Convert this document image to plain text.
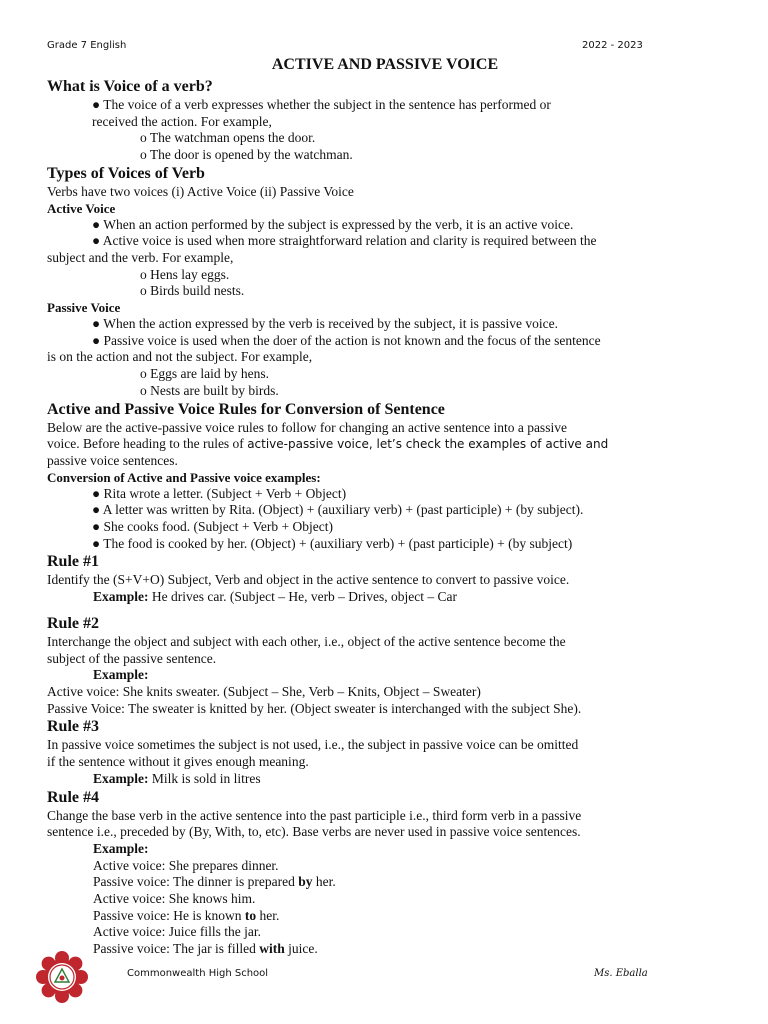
Grade 7 English	2022 - 2023
ACTIVE AND PASSIVE VOICE
What is Voice of a verb?
● The voice of a verb expresses whether the subject in the sentence has performed or
received the action. For example,
o The watchman opens the door.
o The door is opened by the watchman.
Types of Voices of Verb
Verbs have two voices (i) Active Voice (ii) Passive Voice
Active Voice
● When an action performed by the subject is expressed by the verb, it is an active voice.
● Active voice is used when more straightforward relation and clarity is required between the
subject and the verb. For example,
o Hens lay eggs.
o Birds build nests.
Passive Voice
● When the action expressed by the verb is received by the subject, it is passive voice.
● Passive voice is used when the doer of the action is not known and the focus of the sentence
is on the action and not the subject. For example,
o Eggs are laid by hens.
o Nests are built by birds.
Active and Passive Voice Rules for Conversion of Sentence
Below are the active-passive voice rules to follow for changing an active sentence into a passive
voice. Before heading to the rules of active-passive voice, let’s check the examples of active and
passive voice sentences.
Conversion of Active and Passive voice examples:
● Rita wrote a letter. (Subject + Verb + Object)
● A letter was written by Rita. (Object) + (auxiliary verb) + (past participle) + (by subject).
● She cooks food. (Subject + Verb + Object)
● The food is cooked by her. (Object) + (auxiliary verb) + (past participle) + (by subject)
Rule #1
Identify the (S+V+O) Subject, Verb and object in the active sentence to convert to passive voice.
Example: He drives car. (Subject – He, verb – Drives, object – Car
Rule #2
Interchange the object and subject with each other, i.e., object of the active sentence become the
subject of the passive sentence.
Example:
Active voice: She knits sweater. (Subject – She, Verb – Knits, Object – Sweater)
Passive Voice: The sweater is knitted by her. (Object sweater is interchanged with the subject She).
Rule #3
In passive voice sometimes the subject is not used, i.e., the subject in passive voice can be omitted
if the sentence without it gives enough meaning.
Example: Milk is sold in litres
Rule #4
Change the base verb in the active sentence into the past participle i.e., third form verb in a passive
sentence i.e., preceded by (By, With, to, etc). Base verbs are never used in passive voice sentences.
Example:
Active voice: She prepares dinner.
Passive voice: The dinner is prepared by her.
Active voice: She knows him.
Passive voice: He is known to her.
Active voice: Juice fills the jar.
Passive voice: The jar is filled with juice.
Commonwealth High School	Ms. Eballa
